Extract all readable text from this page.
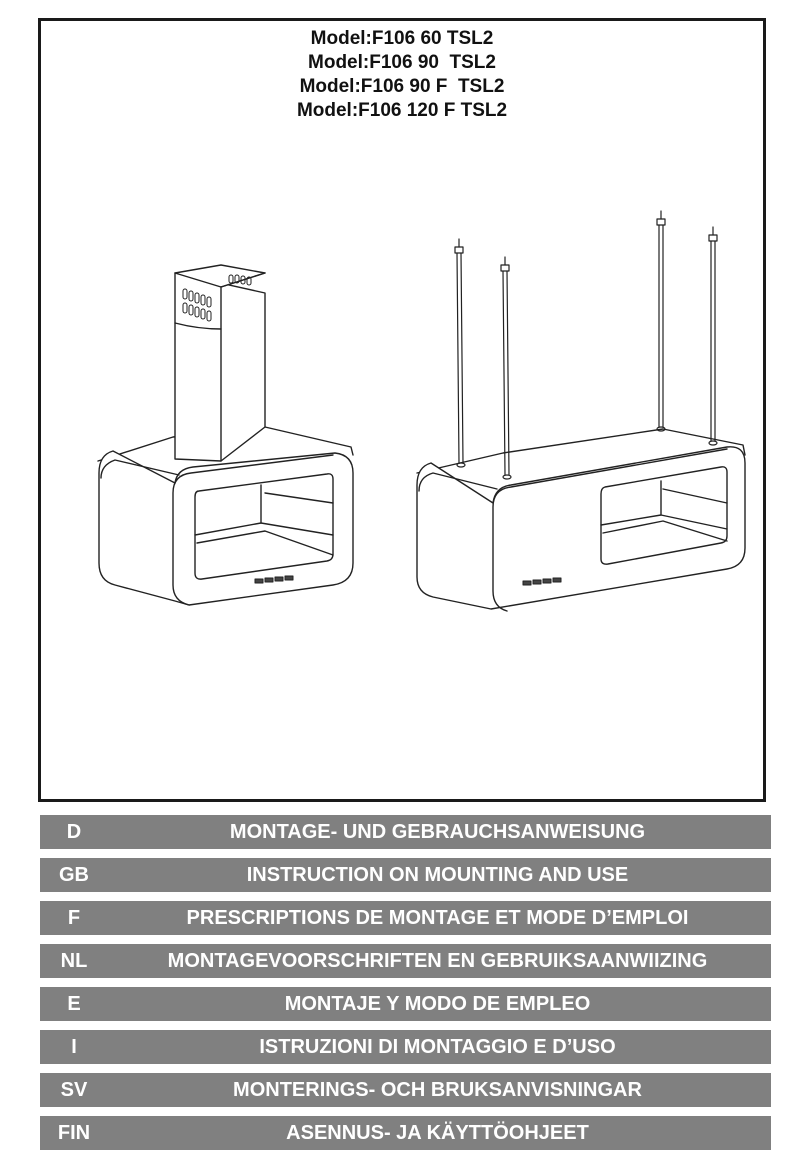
Model:F106 60 TSL2
Model:F106 90  TSL2
Model:F106 90 F  TSL2
Model:F106 120 F TSL2
D	MONTAGE- UND GEBRAUCHSANWEISUNG
GB	INSTRUCTION ON MOUNTING AND USE
F	PRESCRIPTIONS DE MONTAGE ET MODE D’EMPLOI
NL	MONTAGEVOORSCHRIFTEN EN GEBRUIKSAANWIIZING
E	MONTAJE Y MODO DE EMPLEO
I	ISTRUZIONI DI MONTAGGIO E D’USO
SV	MONTERINGS- OCH BRUKSANVISNINGAR
FIN	ASENNUS- JA KÄYTTÖOHJEET
